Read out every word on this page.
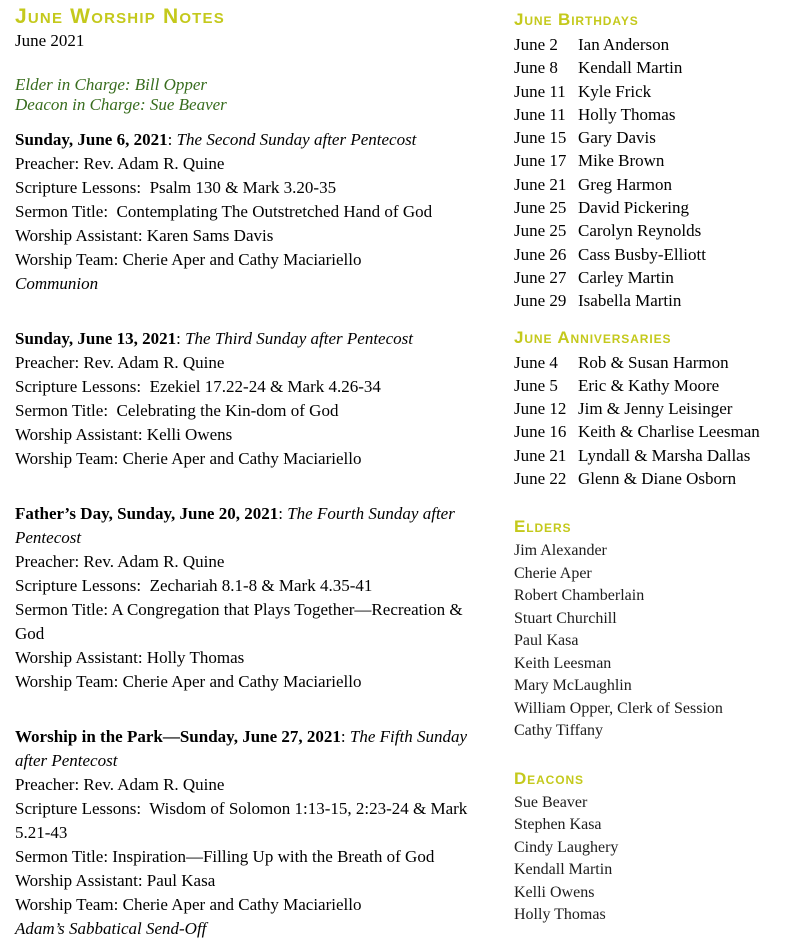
June Worship Notes
June 2021
Elder in Charge: Bill Opper
Deacon in Charge: Sue Beaver
Sunday, June 6, 2021: The Second Sunday after Pentecost
Preacher: Rev. Adam R. Quine
Scripture Lessons:  Psalm 130 & Mark 3.20-35
Sermon Title:  Contemplating The Outstretched Hand of God
Worship Assistant: Karen Sams Davis
Worship Team: Cherie Aper and Cathy Maciariello
Communion
Sunday, June 13, 2021: The Third Sunday after Pentecost
Preacher: Rev. Adam R. Quine
Scripture Lessons:  Ezekiel 17.22-24 & Mark 4.26-34
Sermon Title:  Celebrating the Kin-dom of God
Worship Assistant: Kelli Owens
Worship Team: Cherie Aper and Cathy Maciariello
Father’s Day, Sunday, June 20, 2021: The Fourth Sunday after Pentecost
Preacher: Rev. Adam R. Quine
Scripture Lessons:  Zechariah 8.1-8 & Mark 4.35-41
Sermon Title: A Congregation that Plays Together—Recreation & God
Worship Assistant: Holly Thomas
Worship Team: Cherie Aper and Cathy Maciariello
Worship in the Park—Sunday, June 27, 2021: The Fifth Sunday after Pentecost
Preacher: Rev. Adam R. Quine
Scripture Lessons:  Wisdom of Solomon 1:13-15, 2:23-24 & Mark 5.21-43
Sermon Title: Inspiration—Filling Up with the Breath of God
Worship Assistant: Paul Kasa
Worship Team: Cherie Aper and Cathy Maciariello
Adam’s Sabbatical Send-Off
June Birthdays
June 2	Ian Anderson
June 8	Kendall Martin
June 11 Kyle Frick
June 11 Holly Thomas
June 15 Gary Davis
June 17 Mike Brown
June 21 Greg Harmon
June 25 David Pickering
June 25 Carolyn Reynolds
June 26 Cass Busby-Elliott
June 27 Carley Martin
June 29 Isabella Martin
June Anniversaries
June 4	Rob & Susan Harmon
June 5	Eric & Kathy Moore
June 12 Jim & Jenny Leisinger
June 16 Keith & Charlise Leesman
June 21 Lyndall & Marsha Dallas
June 22 Glenn & Diane Osborn
Elders
Jim Alexander
Cherie Aper
Robert Chamberlain
Stuart Churchill
Paul Kasa
Keith Leesman
Mary McLaughlin
William Opper, Clerk of Session
Cathy Tiffany
Deacons
Sue Beaver
Stephen Kasa
Cindy Laughery
Kendall Martin
Kelli Owens
Holly Thomas
